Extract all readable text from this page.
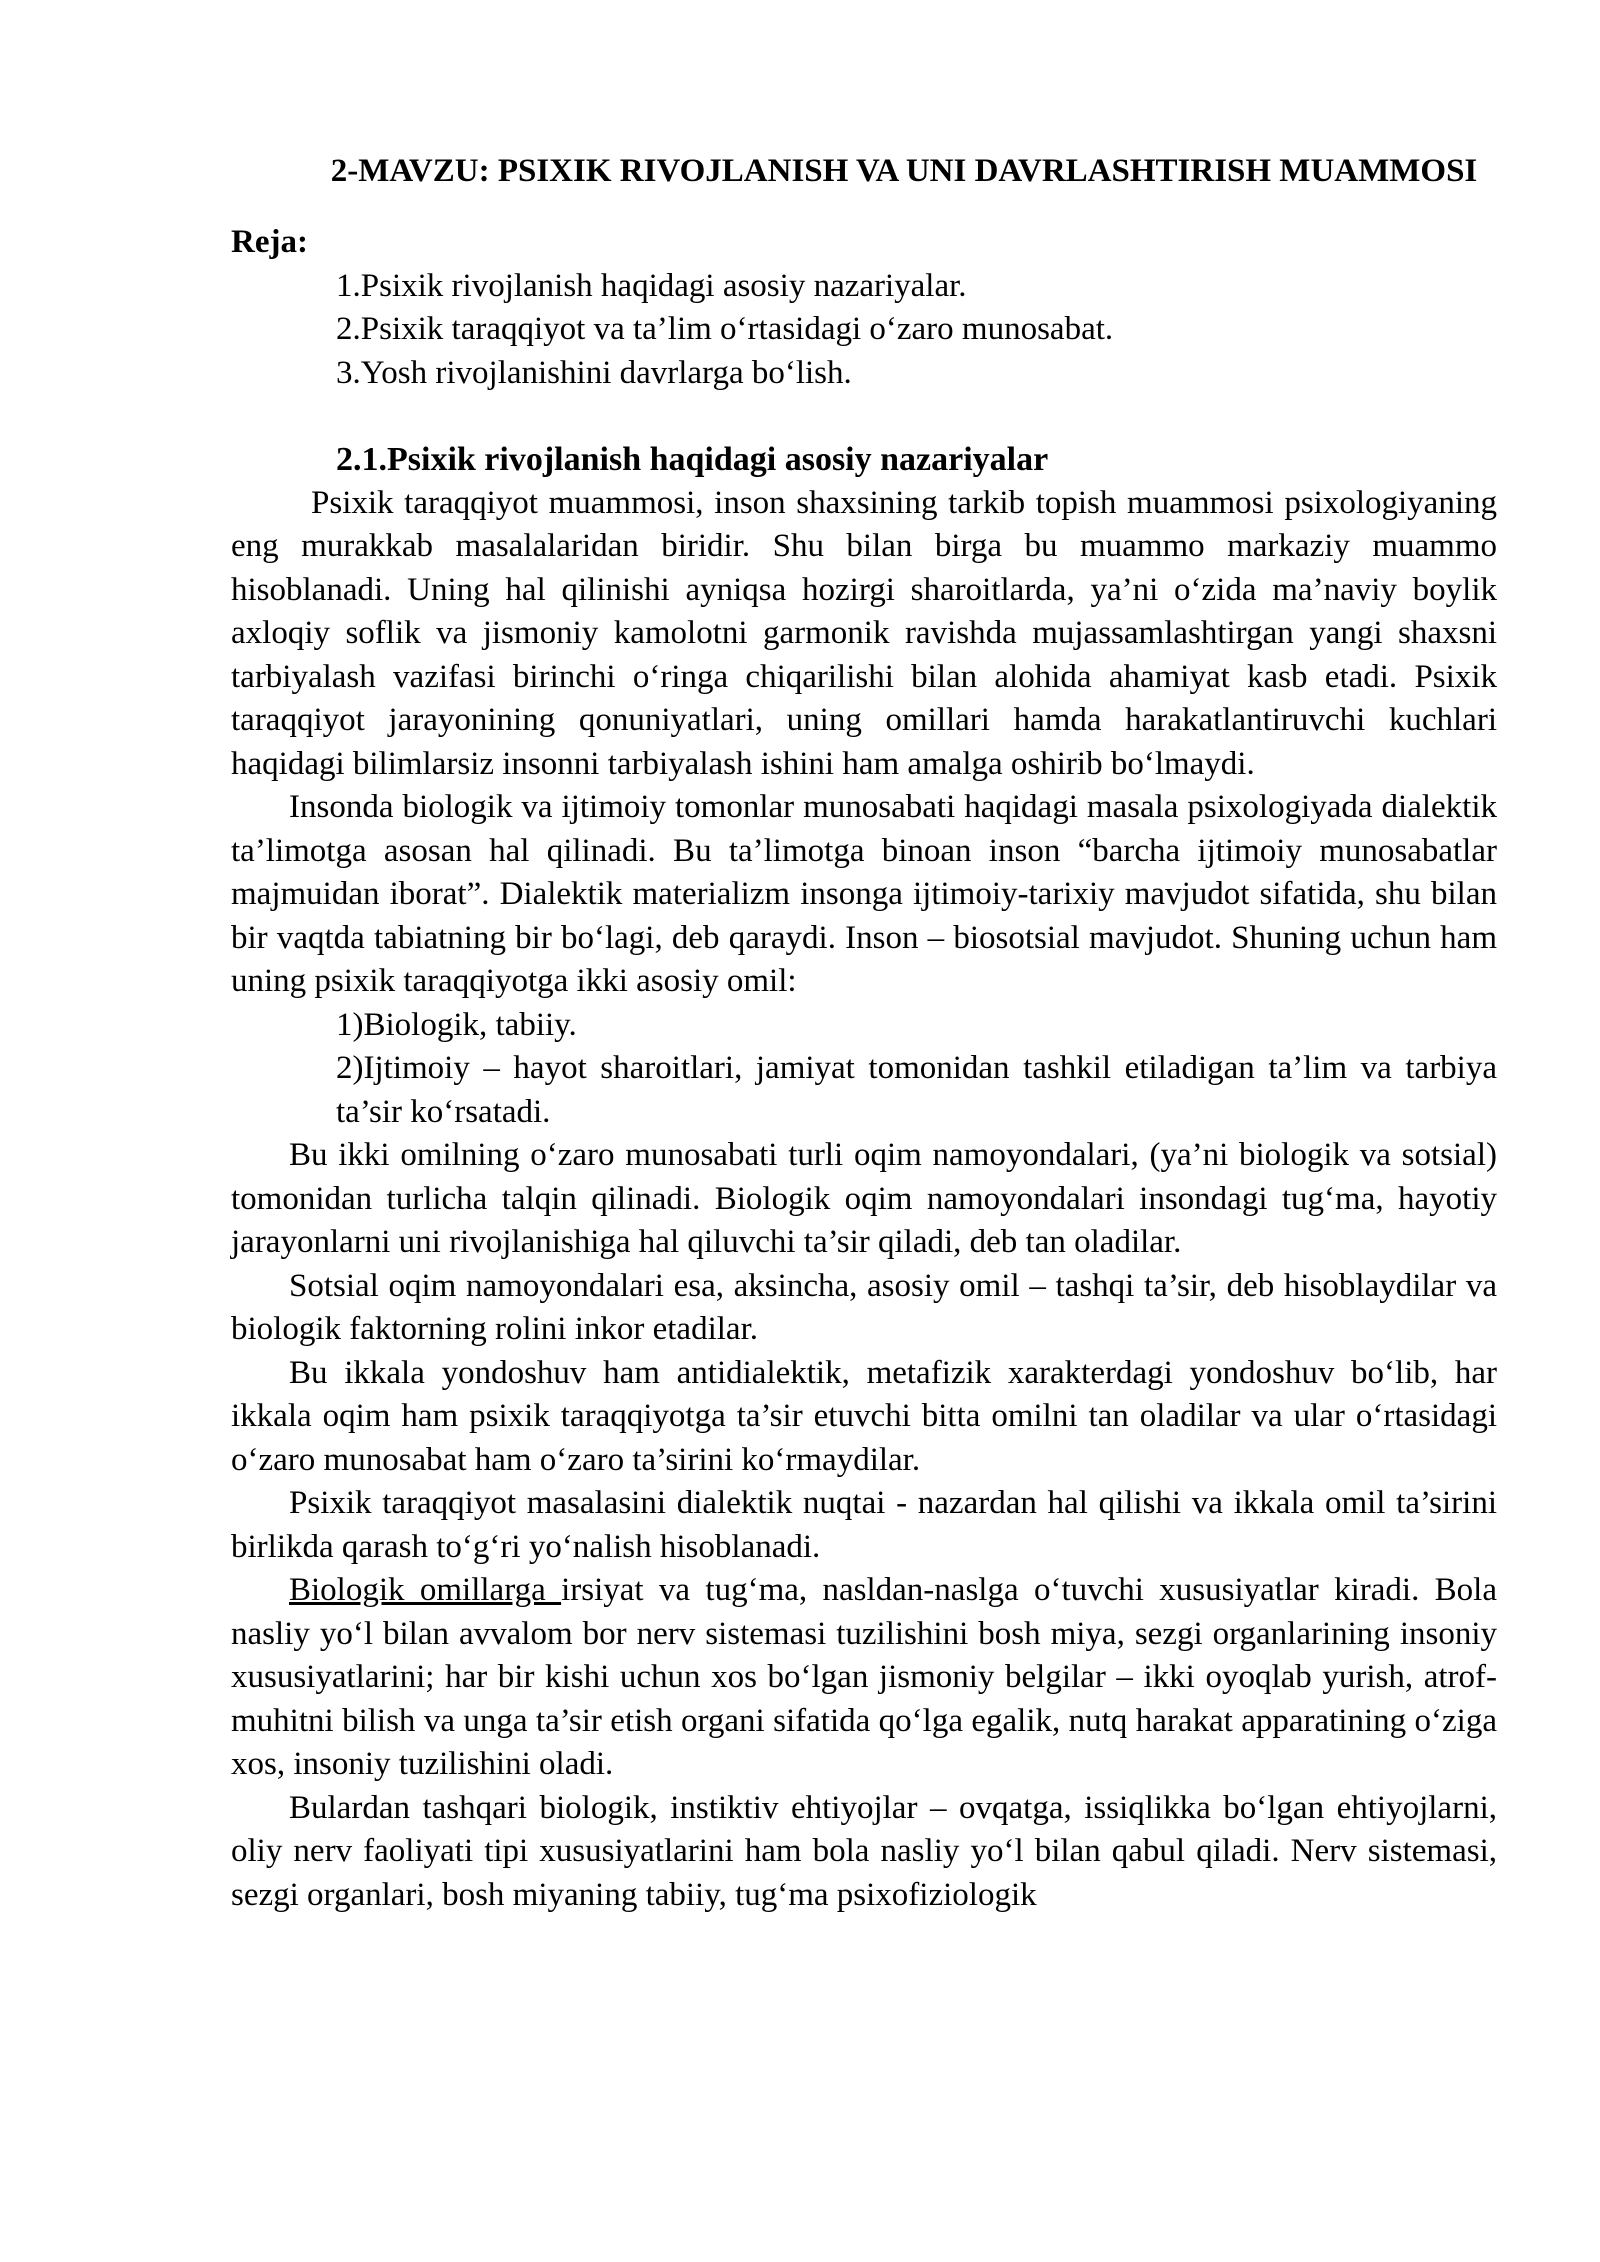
2-MAVZU: PSIXIK RIVOJLANISH VA UNI DAVRLASHTIRISH MUAMMOSI

Reja:

1.Psixik rivojlanish haqidagi asosiy nazariyalar.
2.Psixik taraqqiyot va ta’lim o‘rtasidagi o‘zaro munosabat.
3.Yosh rivojlanishini davrlarga bo‘lish.
2.1.Psixik rivojlanish haqidagi asosiy nazariyalar

Psixik taraqqiyot muammosi, inson shaxsining tarkib topish muammosi psixologiyaning eng murakkab masalalaridan biridir. Shu bilan birga bu muammo markaziy muammo hisoblanadi. Uning hal qilinishi ayniqsa hozirgi sharoitlarda, ya’ni o‘zida ma’naviy boylik axloqiy soflik va jismoniy kamolotni garmonik ravishda mujassamlashtirgan yangi shaxsni tarbiyalash vazifasi birinchi o‘ringa chiqarilishi bilan alohida ahamiyat kasb etadi. Psixik taraqqiyot jarayonining qonuniyatlari, uning omillari hamda harakatlantiruvchi kuchlari haqidagi bilimlarsiz insonni tarbiyalash ishini ham amalga oshirib bo‘lmaydi.

Insonda biologik va ijtimoiy tomonlar munosabati haqidagi masala psixologiyada dialektik ta’limotga asosan hal qilinadi. Bu ta’limotga binoan inson “barcha ijtimoiy munosabatlar majmuidan iborat”. Dialektik materializm insonga ijtimoiy-tarixiy mavjudot sifatida, shu bilan bir vaqtda tabiatning bir bo‘lagi, deb qaraydi. Inson – biosotsial mavjudot. Shuning uchun ham uning psixik taraqqiyotga ikki asosiy omil:

1)Biologik, tabiiy.
2)Ijtimoiy – hayot sharoitlari, jamiyat tomonidan tashkil etiladigan ta’lim va tarbiya ta’sir ko‘rsatadi.

Bu ikki omilning o‘zaro munosabati turli oqim namoyondalari, (ya’ni biologik va sotsial) tomonidan turlicha talqin qilinadi. Biologik oqim namoyondalari insondagi tug‘ma, hayotiy jarayonlarni uni rivojlanishiga hal qiluvchi ta’sir qiladi, deb tan oladilar.

Sotsial oqim namoyondalari esa, aksincha, asosiy omil – tashqi ta’sir, deb hisoblaydilar va biologik faktorning rolini inkor etadilar.

Bu ikkala yondoshuv ham antidialektik, metafizik xarakterdagi yondoshuv bo‘lib, har ikkala oqim ham psixik taraqqiyotga ta’sir etuvchi bitta omilni tan oladilar va ular o‘rtasidagi o‘zaro munosabat ham o‘zaro ta’sirini ko‘rmaydilar.

Psixik taraqqiyot masalasini dialektik nuqtai - nazardan hal qilishi va ikkala omil ta’sirini birlikda qarash to‘g‘ri yo‘nalish hisoblanadi.

Biologik omillarga irsiyat va tug‘ma, nasldan-naslga o‘tuvchi xususiyatlar kiradi. Bola nasliy yo‘l bilan avvalom bor nerv sistemasi tuzilishini bosh miya, sezgi organlarining insoniy xususiyatlarini; har bir kishi uchun xos bo‘lgan jismoniy belgilar – ikki oyoqlab yurish, atrof-muhitni bilish va unga ta’sir etish organi sifatida qo‘lga egalik, nutq harakat apparatining o‘ziga xos, insoniy tuzilishini oladi.

Bulardan tashqari biologik, instiktiv ehtiyojlar – ovqatga, issiqlikka bo‘lgan ehtiyojlarni, oliy nerv faoliyati tipi xususiyatlarini ham bola nasliy yo‘l bilan qabul qiladi. Nerv sistemasi, sezgi organlari, bosh miyaning tabiiy, tug‘ma psixofiziologik
